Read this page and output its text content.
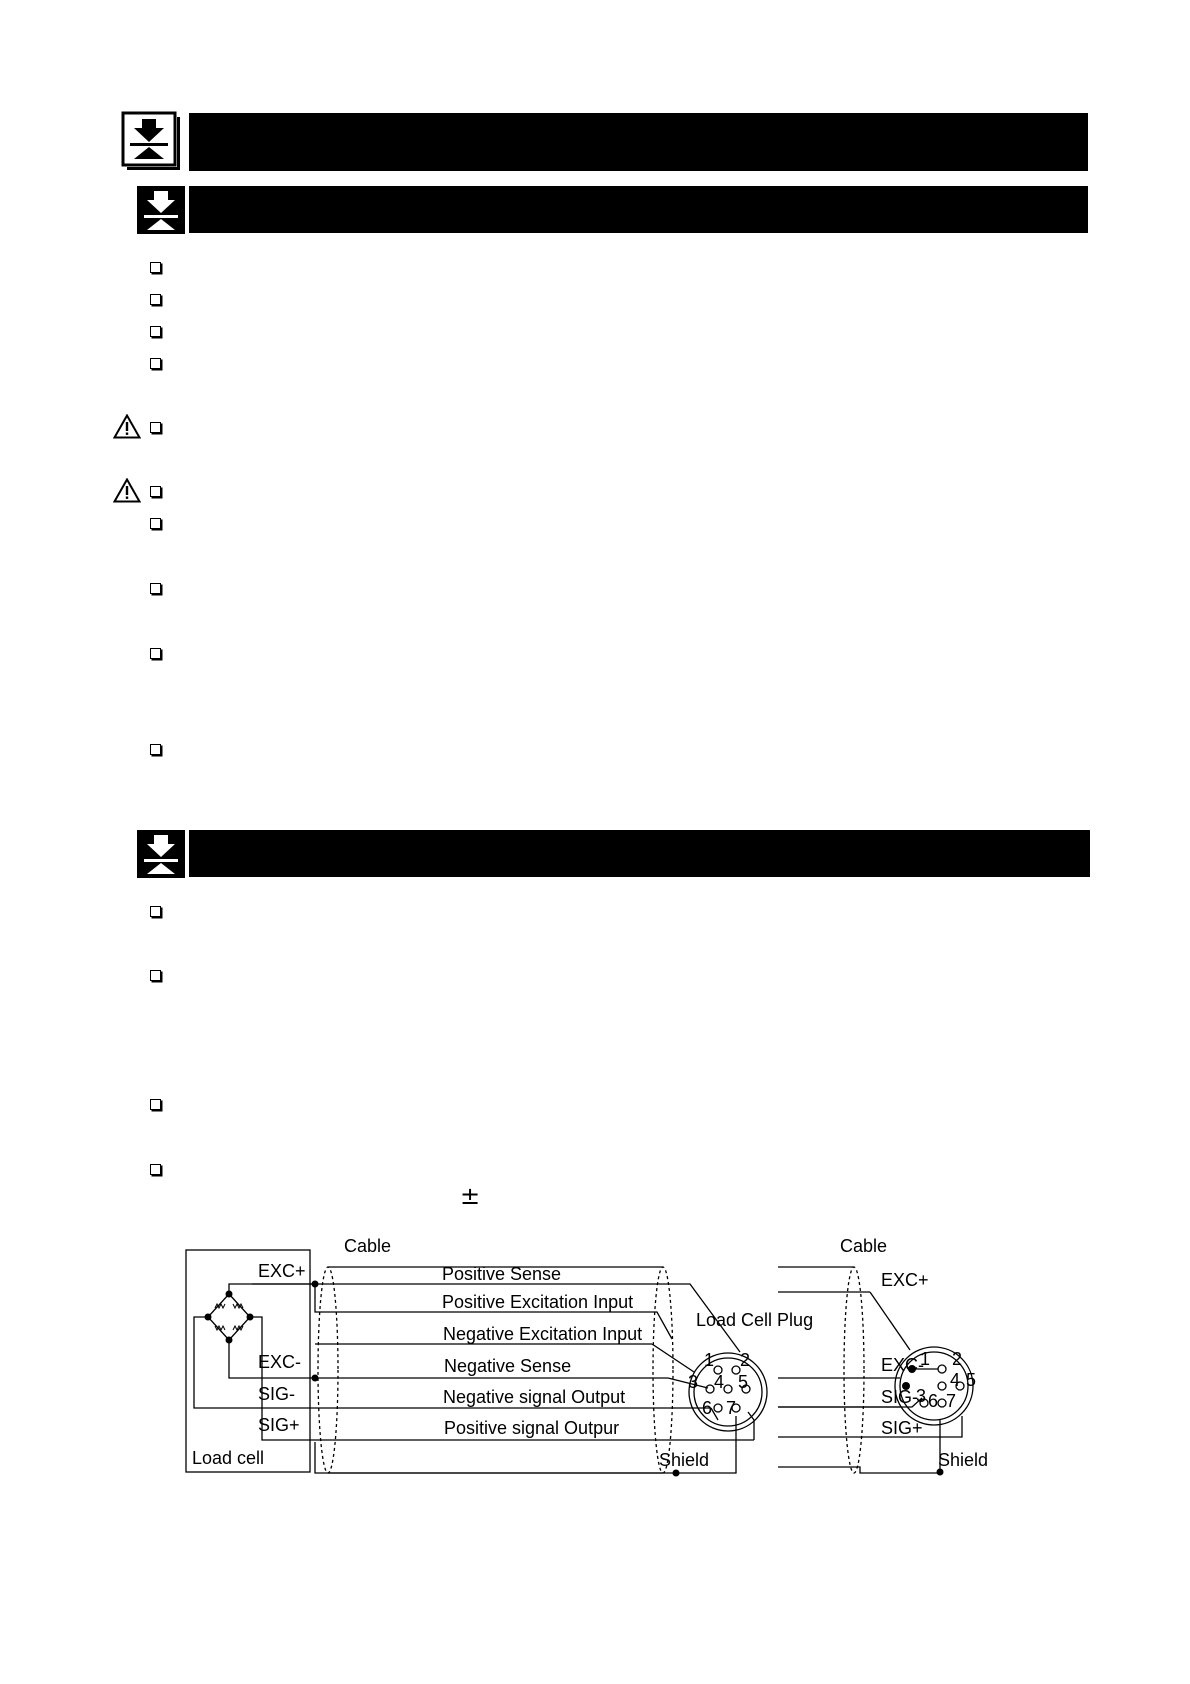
±
Cable
EXC+
EXC-
SIG-
SIG+
Load cell
Positive Sense
Positive Excitation Input
Negative Excitation Input
Negative Sense
Negative signal Output
Positive signal Outpur
Load Cell Plug
Shield
1 2
3 4 5
6 7
Cable
EXC+
EXC-
SIG-
SIG+
Shield
1 2
3
4 5
6 7
